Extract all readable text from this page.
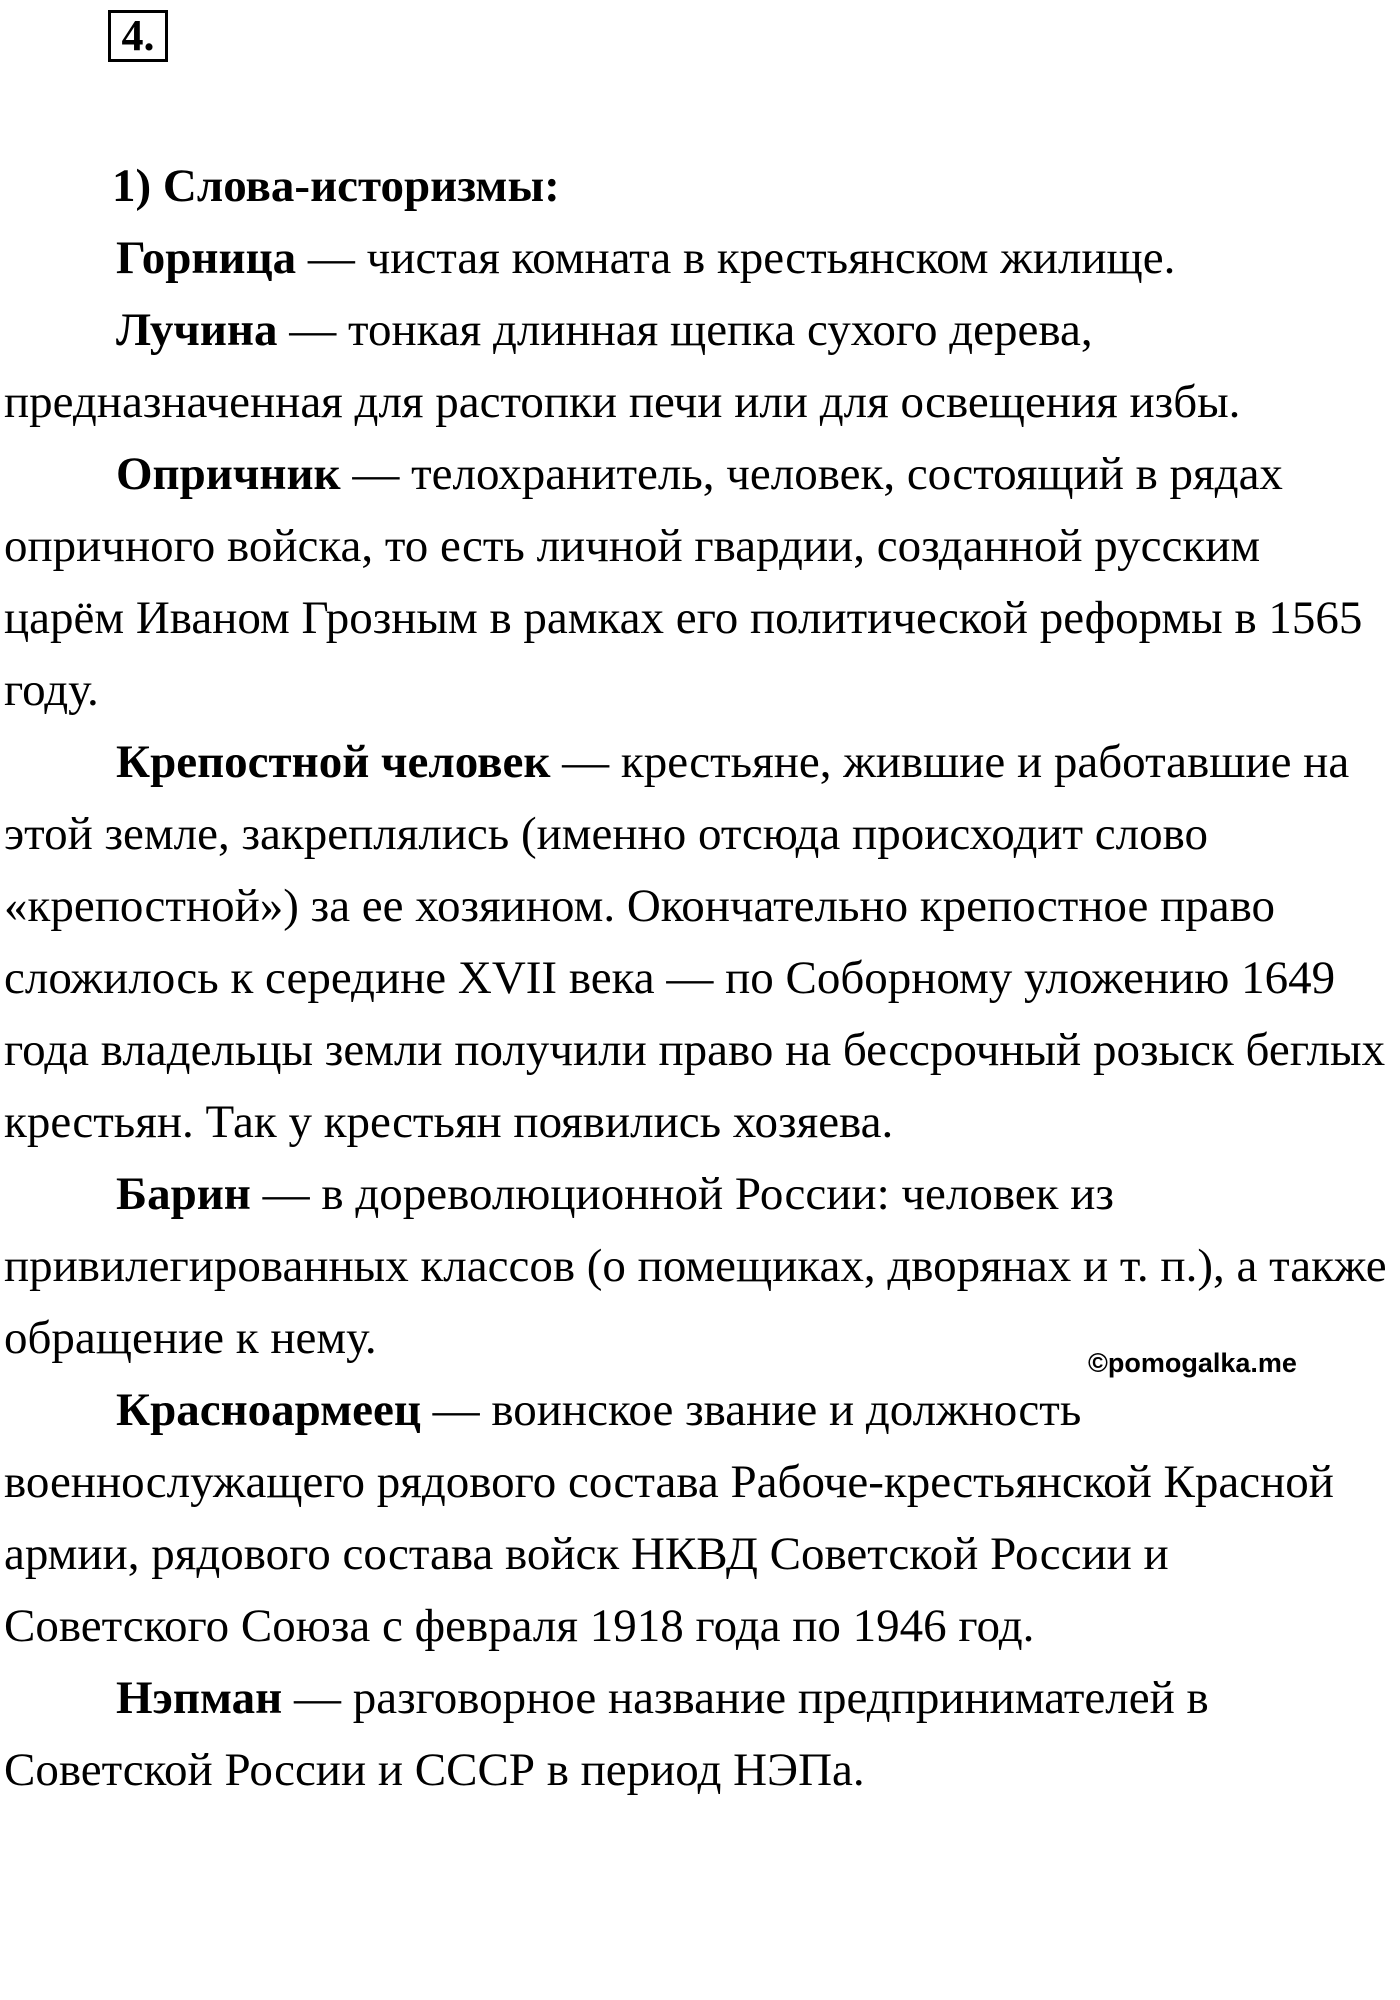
4.

1) Слова-историзмы:

Горница — чистая комната в крестьянском жилище.

Лучина — тонкая длинная щепка сухого дерева, предназначенная для растопки печи или для освещения избы.

Опричник — телохранитель, человек, состоящий в рядах опричного войска, то есть личной гвардии, созданной русским царём Иваном Грозным в рамках его политической реформы в 1565 году.

Крепостной человек — крестьяне, жившие и работавшие на этой земле, закреплялись (именно отсюда происходит слово «крепостной») за ее хозяином. Окончательно крепостное право сложилось к середине XVII века — по Соборному уложению 1649 года владельцы земли получили право на бессрочный розыск беглых крестьян. Так у крестьян появились хозяева.

Барин — в дореволюционной России: человек из привилегированных классов (о помещиках, дворянах и т. п.), а также обращение к нему.

Красноармеец — воинское звание и должность военнослужащего рядового состава Рабоче-крестьянской Красной армии, рядового состава войск НКВД Советской России и Советского Союза с февраля 1918 года по 1946 год.

Нэпман — разговорное название предпринимателей в Советской России и СССР в период НЭПа.

©pomogalka.me
